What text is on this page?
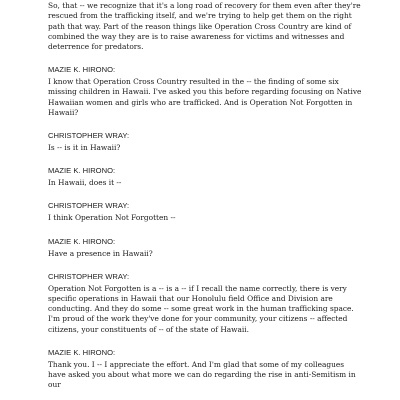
So, that -- we recognize that it's a long road of recovery for them even after they're rescued from the trafficking itself, and we're trying to help get them on the right path that way. Part of the reason things like Operation Cross Country are kind of combined the way they are is to raise awareness for victims and witnesses and deterrence for predators.

MAZIE K. HIRONO:

I know that Operation Cross Country resulted in the -- the finding of some six missing children in Hawaii. I've asked you this before regarding focusing on Native Hawaiian women and girls who are trafficked. And is Operation Not Forgotten in Hawaii?

CHRISTOPHER WRAY:

Is -- is it in Hawaii?

MAZIE K. HIRONO:

In Hawaii, does it --

CHRISTOPHER WRAY:

I think Operation Not Forgotten --

MAZIE K. HIRONO:

Have a presence in Hawaii?

CHRISTOPHER WRAY:

Operation Not Forgotten is a -- is a -- if I recall the name correctly, there is very specific operations in Hawaii that our Honolulu field Office and Division are conducting. And they do some -- some great work in the human trafficking space. I'm proud of the work they've done for your community, your citizens -- affected citizens, your constituents of -- of the state of Hawaii.

MAZIE K. HIRONO:

Thank you. I -- I appreciate the effort. And I'm glad that some of my colleagues have asked you about what more we can do regarding the rise in anti-Semitism in our
